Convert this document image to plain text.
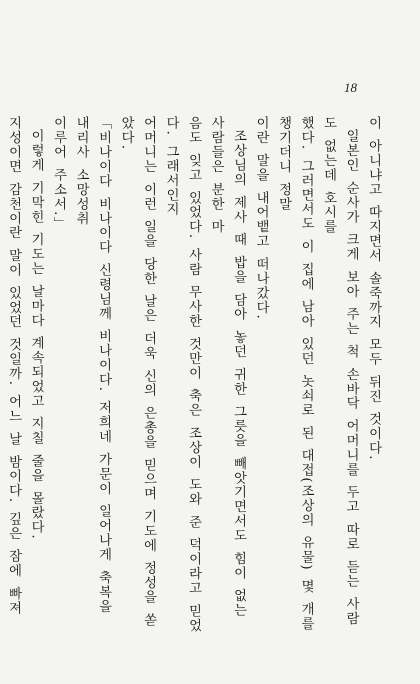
18

이 아니냐고 따지면서 솔죽까지 모두 뒤진 것이다.

일본인 순사가 크게 보아 주는 척 손바닥 어머니를 두고 따로 듣는 사람도 없는데 호시를

했다. 그러면서도 이 집에 남아 있던 놋쇠로 된 대접(조상의 유물) 몇 개를 챙기더니 정말

이란 말을 내어뱉고 떠나갔다.

조상님의 제사 때 밥을 담아 놓던 귀한 그릇을 빼앗기면서도 힘이 없는 사람들은 분한 마

음도 잊고 있었다. 사람 무사한 것만이 축은 조상이 도와 준 덕이라고 믿었다. 그래서인지

어머니는 이런 일을 당한 날은 더욱 신의 은총을 믿으며 기도에 정성을 쏟았다.

「비나이다 비나이다 신령님께 비나이다. 저희네 가문이 일어나게 축복을 내리사 소망성취

이루어 주소서.」

이렇게 기막힌 기도는 날마다 계속되었고 지칠 줄을 몰랐다.

지성이면 감천이란 말이 있었던 것일까. 어느 날 밤이다. 깊은 잠에 빠져
